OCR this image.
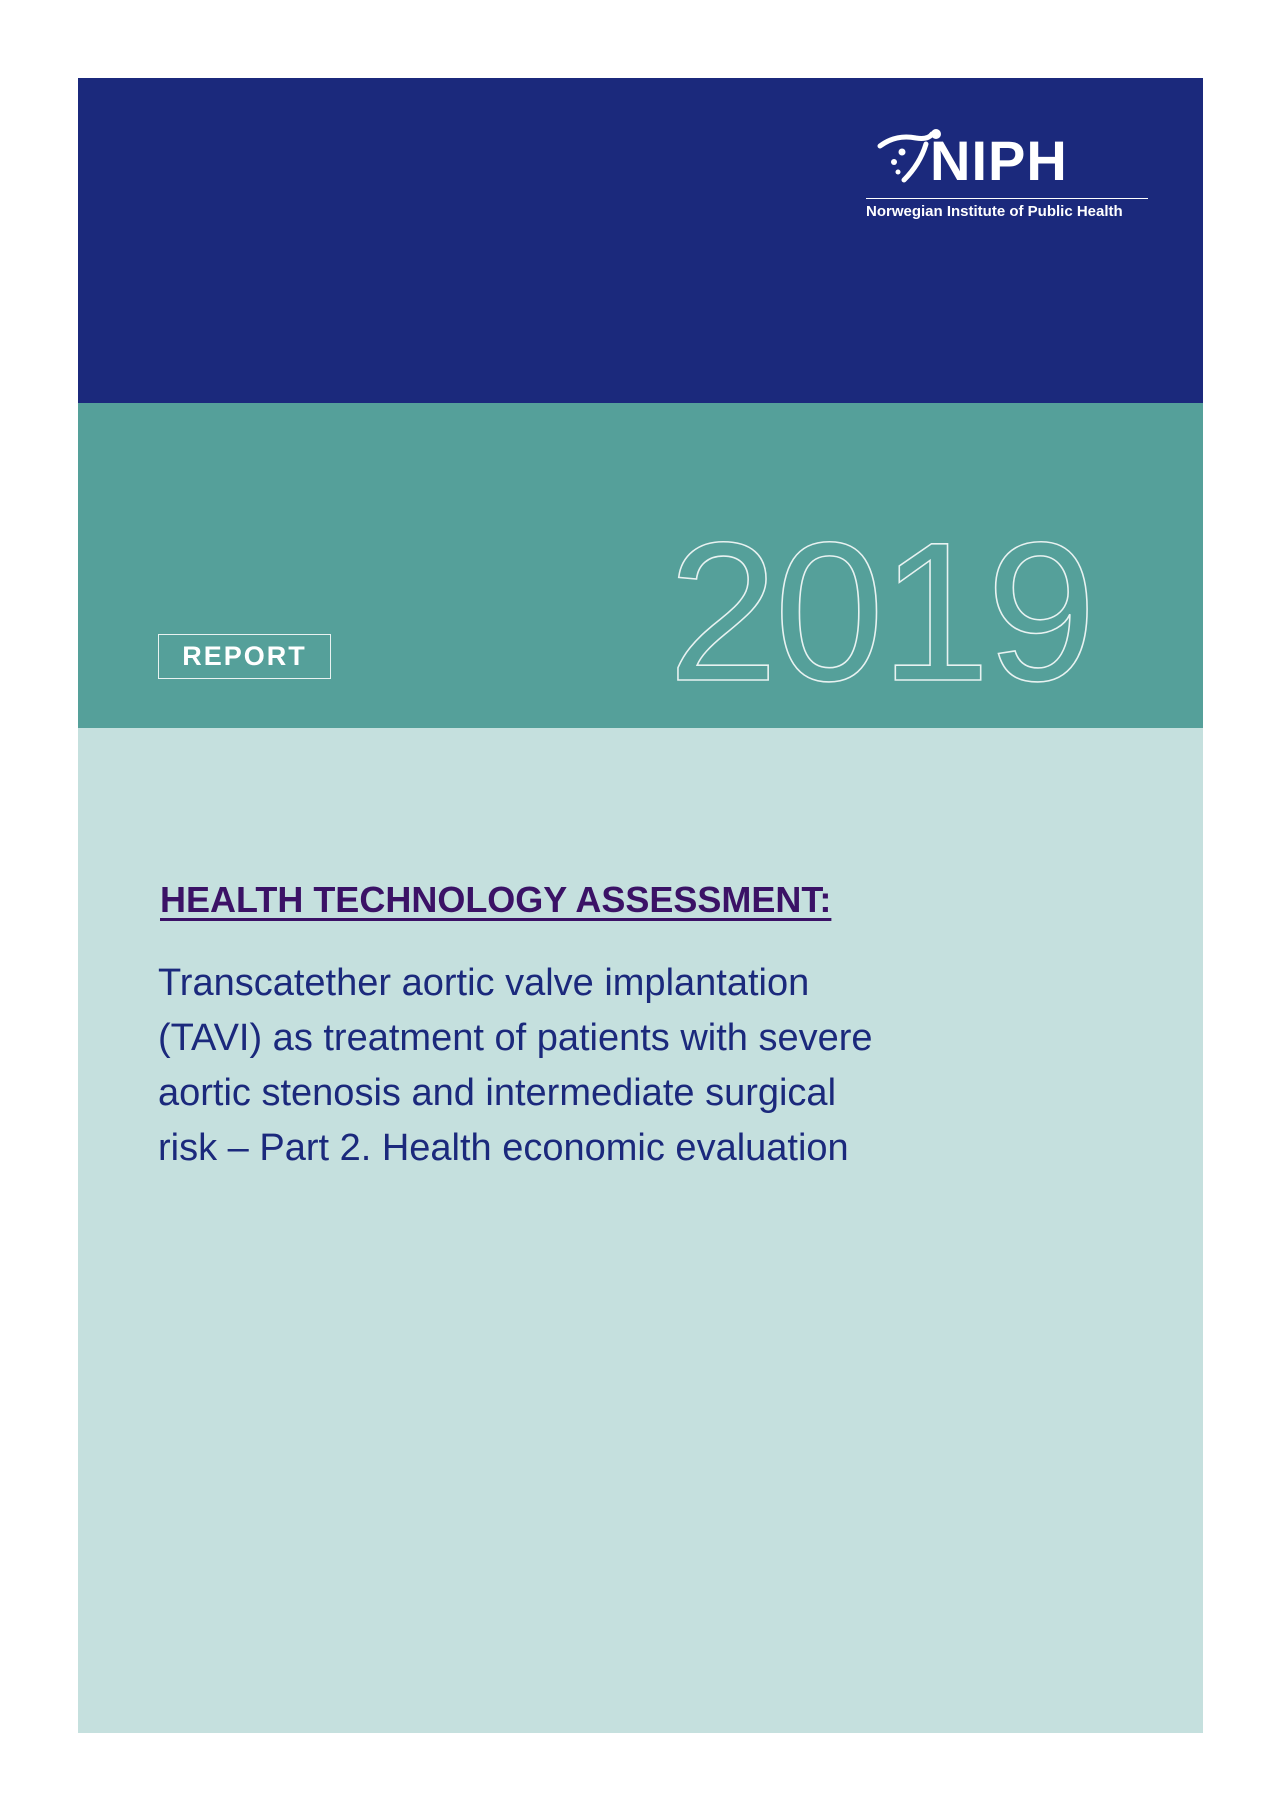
NIPH
Norwegian Institute of Public Health
2019
REPORT
HEALTH TECHNOLOGY ASSESSMENT:

Transcatether aortic valve implantation (TAVI) as treatment of patients with severe aortic stenosis and intermediate surgical risk – Part 2. Health economic evaluation
